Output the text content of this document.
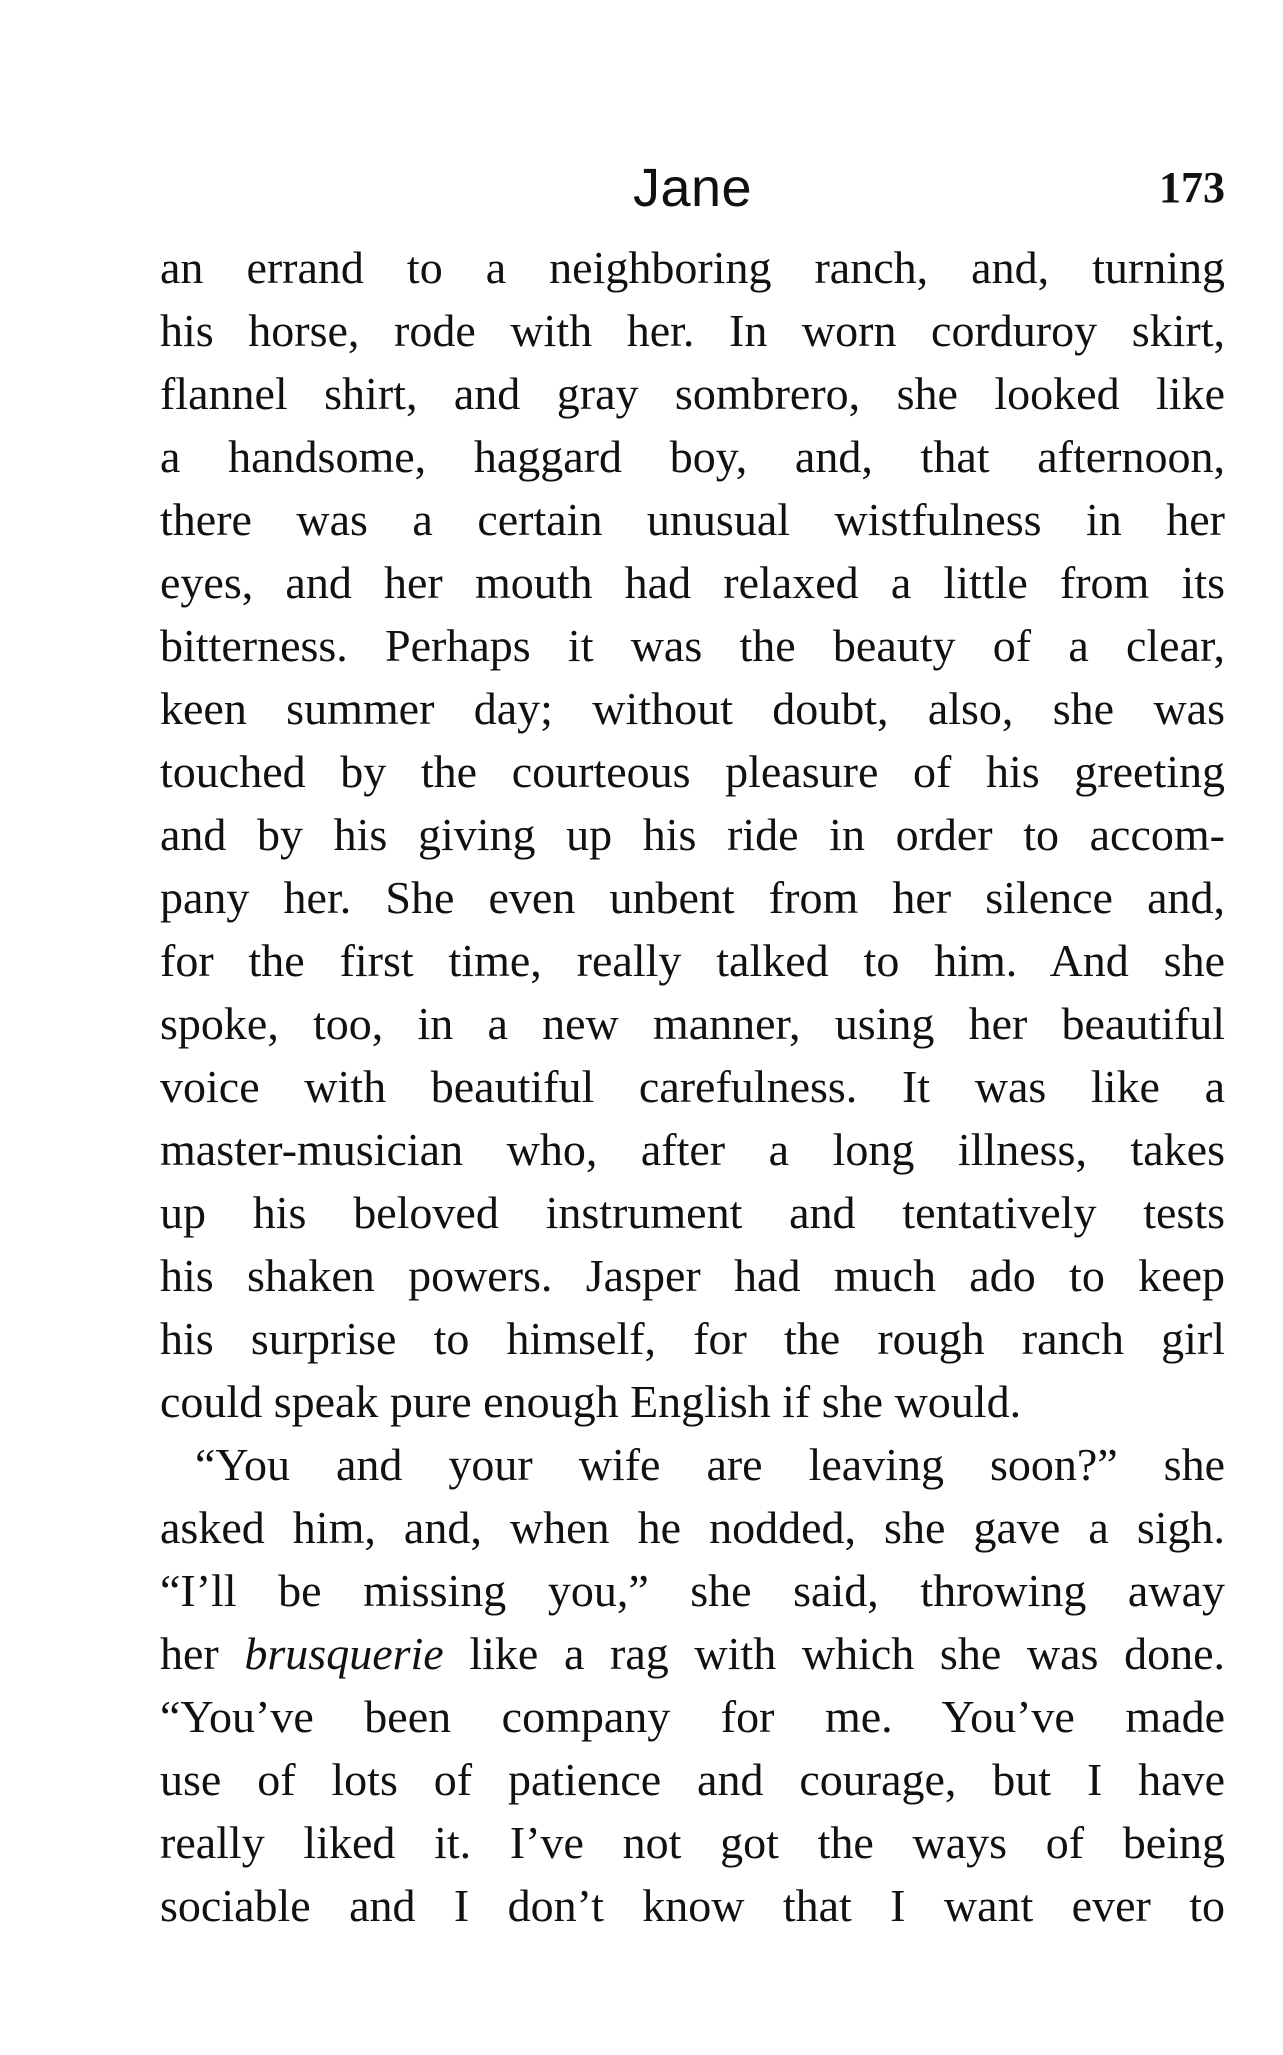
Jane	173
an errand to a neighboring ranch, and, turning
his horse, rode with her. In worn corduroy skirt,
flannel shirt, and gray sombrero, she looked like
a handsome, haggard boy, and, that afternoon,
there was a certain unusual wistfulness in her
eyes, and her mouth had relaxed a little from its
bitterness. Perhaps it was the beauty of a clear,
keen summer day; without doubt, also, she was
touched by the courteous pleasure of his greeting
and by his giving up his ride in order to accom-
pany her. She even unbent from her silence and,
for the first time, really talked to him. And she
spoke, too, in a new manner, using her beautiful
voice with beautiful carefulness. It was like a
master-musician who, after a long illness, takes
up his beloved instrument and tentatively tests
his shaken powers. Jasper had much ado to keep
his surprise to himself, for the rough ranch girl
could speak pure enough English if she would.
“You and your wife are leaving soon?” she
asked him, and, when he nodded, she gave a sigh.
“I’ll be missing you,” she said, throwing away
her brusquerie like a rag with which she was done.
“You’ve been company for me. You’ve made
use of lots of patience and courage, but I have
really liked it. I’ve not got the ways of being
sociable and I don’t know that I want ever to
